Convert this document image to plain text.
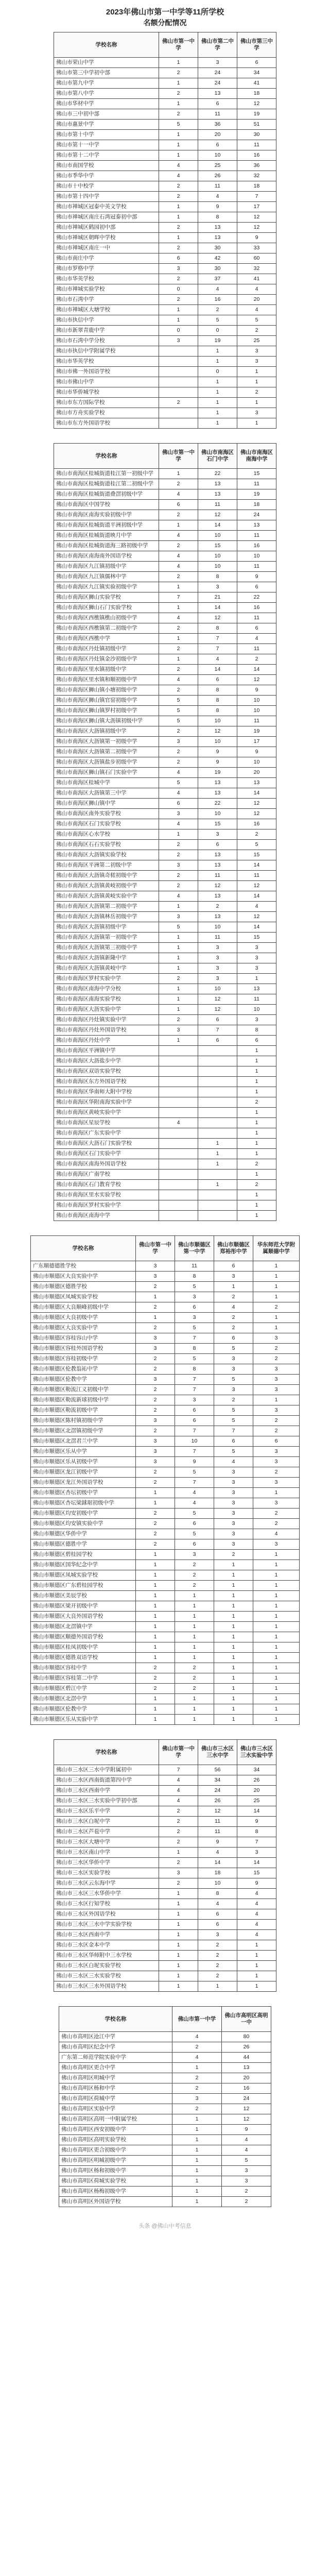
2023年佛山市第一中学等11所学校
名额分配情况
学校名称	佛山市第一中学	佛山市第二中学	佛山市第三中学
佛山市荣山中学	1	3	6
佛山市第三中学初中部	2	24	34
佛山市第九中学	1	24	41
佛山市第八中学	2	13	18
佛山市华材中学	1	6	12
佛山市三中初中部	2	11	19
佛山市惠景中学	5	36	51
佛山市第十中学	1	20	30
佛山市第十一中学	1	6	11
佛山市第十二中学	1	10	16
佛山市南国学校	4	25	36
佛山市季华中学	4	26	32
佛山市十中校学	2	11	18
佛山市第十四中学	2	4	7
佛山市禅城区冠泰中英文学校	1	9	17
佛山市禅城区南庄石湾冠泰初中部	1	8	12
佛山市禅城区鹤园初中部	2	13	12
佛山市禅城区朝晖中学校	1	13	9
佛山市禅城区南庄一中	2	30	33
佛山市南庄中学	6	42	60
佛山市罗格中学	3	30	32
佛山市华英学校	2	37	41
佛山市禅城实验学校	0	4	4
佛山市石湾中学	2	16	20
佛山市禅城区大塘学校	1	2	4
佛山市执信中学	1	5	5
佛山市新翠青鹿中学	0	0	2
佛山市石湾中学分校	3	19	25
佛山市执信中学附属学校		1	3
佛山市华英学校		1	3
佛山市佛一外国语学校		0	1
佛山市佛山中学		1	1
佛山市华侨城学校		1	2
佛山市东方国际学校	2	1	1
佛山市方舟实验学校		1	3
佛山市东方外国语学校		1	1
学校名称	佛山市第一中学	佛山市南海区石门中学	佛山市南海区南海中学
佛山市南海区桂城街道桂江第一初级中学	1	22	15
佛山市南海区桂城街道桂江第二初级中学	2	13	11
佛山市南海区桂城街道叠滘初级中学	4	13	19
佛山市南海区中国学校	6	11	18
佛山市南海区南海实验初级中学	2	12	24
佛山市南海区桂城街道平洲初级中学	1	14	13
佛山市南海区桂城街道映月中学	4	10	11
佛山市南海区桂城街道海三路初级中学	2	15	16
佛山市南海区南海南外国语学校	4	10	10
佛山市南海区九江镇初级中学	4	10	11
佛山市南海区九江镇儒林中学	2	8	9
佛山市南海区九江镇实验初级中学	1	3	6
佛山市南海区狮山实验学校	7	21	22
佛山市南海区狮山石门实验学校	1	14	16
佛山市南海区西樵镇樵山初级中学	4	12	11
佛山市南海区西樵镇第二初级中学	2	8	6
佛山市南海区西樵中学	1	7	4
佛山市南海区丹灶镇初级中学	2	7	11
佛山市南海区丹灶镇金沙初级中学	1	4	2
佛山市南海区里水镇初级中学	2	14	14
佛山市南海区里水镇和顺初级中学	4	6	12
佛山市南海区狮山镇小塘初级中学	2	8	9
佛山市南海区狮山镇官窑初级中学	5	8	10
佛山市南海区狮山镇罗村初级中学	5	8	10
佛山市南海区狮山镇大沥镇初级中学	5	10	11
佛山市南海区大沥镇初级中学	2	12	19
佛山市南海区大沥镇第一初级中学	3	10	17
佛山市南海区大沥镇第二初级中学	2	9	9
佛山市南海区大沥镇盐步初级中学	2	9	10
佛山市南海区狮山镇石门实验中学	4	19	20
佛山市南海区桂城中学	5	13	13
佛山市南海区大沥镇第三中学	4	13	14
佛山市南海区狮山镇中学	6	22	12
佛山市南海区南外实验学校	3	10	12
佛山市南海区石门实验学校	4	15	16
佛山市南海区心水学校	1	3	2
佛山市南海区石石实验学校	2	6	5
佛山市南海区大沥镇实验学校	2	13	15
佛山市南海区平洲第二初级中学	3	13	14
佛山市南海区大沥镇奇槎初级中学	2	11	11
佛山市南海区大沥镇黄岐初级中学	2	12	12
佛山市南海区大沥镇黄岐实验中学	4	13	14
佛山市南海区大沥镇第二初级中学	1	2	4
佛山市南海区大沥镇林岳初级中学	3	13	12
佛山市南海区大沥镇初级中学	5	10	14
佛山市南海区大沥镇第一初级中学	1	11	15
佛山市南海区大沥镇第三初级中学	1	3	3
佛山市南海区大沥镇新隆中学	1	3	3
佛山市南海区大沥镇黄岐中学	1	3	3
佛山市南海区罗村实验中学	2	3	1
佛山市南海区南海中学分校	1	10	13
佛山市南海区南海实验学校	1	12	11
佛山市南海区大沥实验中学	1	12	10
佛山市南海区丹灶镇实验中学	2	6	3
佛山市南海区丹灶外国语学校	3	7	8
佛山市南海区丹灶中学	1	6	6
佛山市南海区平洲镇中学			1
佛山市南海区大沥盐步中学			1
佛山市南海区双语实验学校			1
佛山市南海区东方外国语学校			1
佛山市南海区华南师大附中学校			1
佛山市南海区华附南海实验中学			2
佛山市南海区黄岐实验中学			1
佛山市南海区星辰学校	4		1
佛山市南海区广东实验中学			1
佛山市南海区大沥石门实验学校		1	1
佛山市南海区石门实验中学		1	1
佛山市南海区南海外国语学校		1	2
佛山市南海区广南学校			1
佛山市南海区石门教育学校		1	2
佛山市南海区里水实验学校			1
佛山市南海区罗村实验中学			1
佛山市南海区南海中学			1
学校名称	佛山市第一中学	佛山市顺德区第一中学	佛山市顺德区郑裕彤中学	华东师范大学附属顺德中学
广东顺德德胜学校	3	11	6	1
佛山市顺德区大良实验中学	3	8	3	1
佛山市顺德区德胜学校	2	5	1	1
佛山市顺德区凤城实验学校	1	3	2	1
佛山市顺德区大良顺峰初级中学	2	6	4	2
佛山市顺德区大良初级中学	1	3	2	1
佛山市顺德区大良实验中学	2	5	2	1
佛山市顺德区容桂容山中学	3	7	6	3
佛山市顺德区容桂外国语学校	3	8	5	2
佛山市顺德区容桂初级中学	2	5	3	2
佛山市顺德区伦教翁祐中学	2	8	3	3
佛山市顺德区伦教中学	3	7	5	3
佛山市顺德区勒流江义初级中学	2	7	3	3
佛山市顺德区勒流新球初级中学	2	3	2	1
佛山市顺德区勒流初级中学	2	6	5	3
佛山市顺德区陈村镇初级中学	3	6	5	2
佛山市顺德区北滘镇初级中学	2	7	7	2
佛山市顺德区北滘君兰中学	3	10	6	6
佛山市顺德区乐从中学	3	7	5	3
佛山市顺德区乐从初级中学	3	9	4	3
佛山市顺德区龙江初级中学	2	5	3	2
佛山市顺德区龙江外国语学校	2	7	3	3
佛山市顺德区杏坛初级中学	1	4	3	1
佛山市顺德区杏坛梁銶琚初级中学	1	4	3	3
佛山市顺德区均安初级中学	2	5	3	2
佛山市顺德区均安镇实验中学	2	6	3	2
佛山市顺德区华侨中学	2	5	3	4
佛山市顺德区德胜中学	2	6	3	3
佛山市顺德区碧桂园学校	1	3	2	1
佛山市顺德区国华纪念中学	1	2	1	1
佛山市顺德区凤城实验学校	1	2	1	1
佛山市顺德区广东碧桂园学校	1	2	1	1
佛山市顺德区美辰学校	1	1	1	1
佛山市顺德区梁开初级中学	1	1	1	1
佛山市顺德区大良外国语学校	1	1	1	1
佛山市顺德区北滘镇中学	1	1	1	1
佛山市顺德区顺德外国语学校	1	1	1	1
佛山市顺德区桂凤初级中学	1	1	1	1
佛山市顺德区德胜双语学校	1	1	1	1
佛山市顺德区容桂中学	2	2	1	1
佛山市顺德区容桂第二中学	2	2	1	1
佛山市顺德区碧江中学	2	2	1	1
佛山市顺德区北滘中学	1	1	1	1
佛山市顺德区伦教中学	1	1	1	1
佛山市顺德区乐从实验中学	1	1	1	1
学校名称	佛山市第一中学	佛山市三水区三水中学	佛山市三水区三水实验中学
佛山市三水区三水中学附属初中	7	56	34
佛山市三水区西南街道第四中学	4	34	26
佛山市三水区西南中学	4	24	20
佛山市三水区三水实验中学初中部	4	26	25
佛山市三水区乐平中学	2	12	14
佛山市三水区白坭中学	2	11	9
佛山市三水区芦苞中学	2	11	8
佛山市三水区大塘中学	2	9	7
佛山市三水区南山中学	1	4	3
佛山市三水区华侨中学	2	14	14
佛山市三水区实验学校	3	18	15
佛山市三水区云东海中学	2	10	9
佛山市三水区三水华侨中学	1	8	4
佛山市三水区行知学校	1	4	4
佛山市三水区外国语学校	1	6	4
佛山市三水区三水中学实验学校	1	6	4
佛山市三水区西南中学	1	3	4
佛山市三水区金本中学	1	2	1
佛山市三水区华师附中三水学校	1	2	1
佛山市三水区白坭实验学校	1	2	1
佛山市三水区三水实验学校	1	2	1
佛山市三水区三水外国语学校	1	1	1
学校名称	佛山市第一中学	佛山市高明区高明一中
佛山市高明区沧江中学	4	80
佛山市高明区纪念中学	2	26
广东第二师范学院实验中学	4	44
佛山市高明区更合中学	1	13
佛山市高明区明城中学	2	20
佛山市高明区杨和中学	2	16
佛山市高明区荷城中学	3	24
佛山市高明区实验中学	2	12
佛山市高明区高明一中附属学校	1	12
佛山市高明区西安初级中学	1	9
佛山市高明区高明实验学校	1	4
佛山市高明区更合初级中学	1	4
佛山市高明区明城初级中学	1	5
佛山市高明区杨和初级中学	1	3
佛山市高明区荷城实验学校	1	3
佛山市高明区杨梅初级中学	1	2
佛山市高明区外国语学校	1	2
头条 @佛山中考信息
